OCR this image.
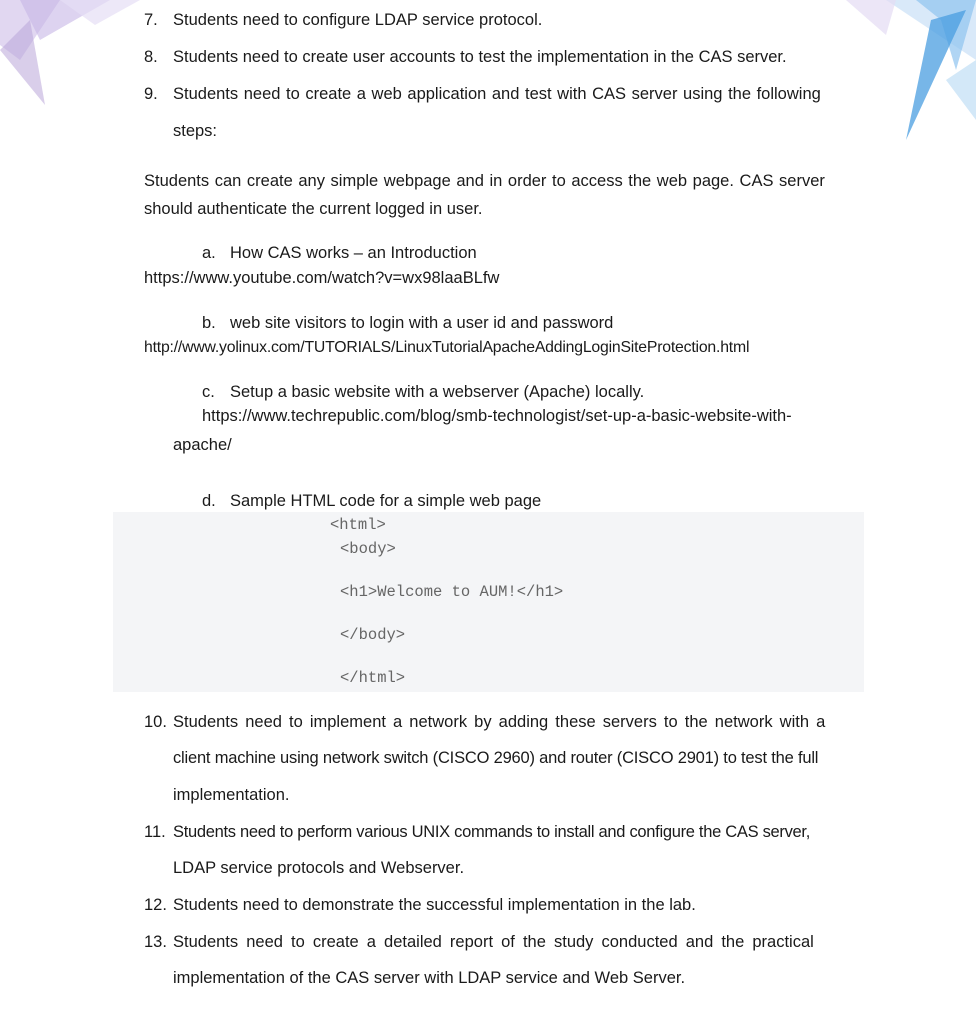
7. Students need to configure LDAP service protocol.
8. Students need to create user accounts to test the implementation in the CAS server.
9. Students need to create a web application and test with CAS server using the following
steps:
Students can create any simple webpage and in order to access the web page. CAS server
should authenticate the current logged in user.
a. How CAS works – an Introduction
https://www.youtube.com/watch?v=wx98laaBLfw
b. web site visitors to login with a user id and password
http://www.yolinux.com/TUTORIALS/LinuxTutorialApacheAddingLoginSiteProtection.html
c. Setup a basic website with a webserver (Apache) locally.
https://www.techrepublic.com/blog/smb-technologist/set-up-a-basic-website-with-
apache/
d. Sample HTML code for a simple web page
<html>
<body>
<h1>Welcome to AUM!</h1>
</body>
</html>
10. Students need to implement a network by adding these servers to the network with a
client machine using network switch (CISCO 2960) and router (CISCO 2901) to test the full
implementation.
11. Students need to perform various UNIX commands to install and configure the CAS server,
LDAP service protocols and Webserver.
12. Students need to demonstrate the successful implementation in the lab.
13. Students need to create a detailed report of the study conducted and the practical
implementation of the CAS server with LDAP service and Web Server.
